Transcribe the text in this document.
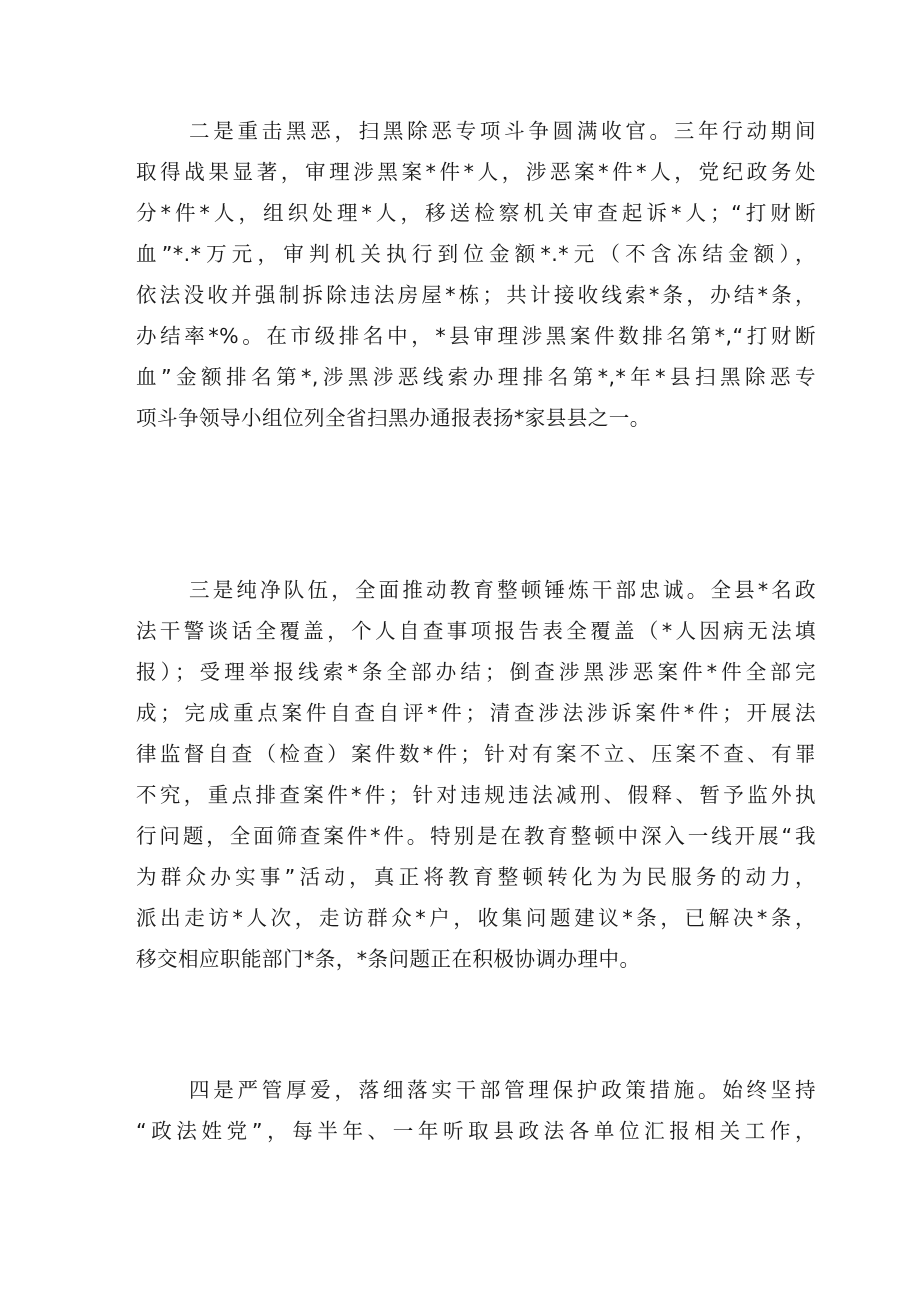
二是重击黑恶，扫黑除恶专项斗争圆满收官。三年行动期间
取得战果显著，审理涉黑案*件*人，涉恶案*件*人，党纪政务处
分*件*人，组织处理*人，移送检察机关审查起诉*人；“打财断
血”*.*万元，审判机关执行到位金额*.*元（不含冻结金额），
依法没收并强制拆除违法房屋*栋；共计接收线索*条，办结*条，
办结率*%。在市级排名中，*县审理涉黑案件数排名第*,“打财断
血”金额排名第*,涉黑涉恶线索办理排名第*,*年*县扫黑除恶专
项斗争领导小组位列全省扫黑办通报表扬*家县县之一。
三是纯净队伍，全面推动教育整顿锤炼干部忠诚。全县*名政
法干警谈话全覆盖，个人自查事项报告表全覆盖（*人因病无法填
报）；受理举报线索*条全部办结；倒查涉黑涉恶案件*件全部完
成；完成重点案件自查自评*件；清查涉法涉诉案件*件；开展法
律监督自查（检查）案件数*件；针对有案不立、压案不查、有罪
不究，重点排查案件*件；针对违规违法减刑、假释、暂予监外执
行问题，全面筛查案件*件。特别是在教育整顿中深入一线开展“我
为群众办实事”活动，真正将教育整顿转化为为民服务的动力，
派出走访*人次，走访群众*户，收集问题建议*条，已解决*条，
移交相应职能部门*条，*条问题正在积极协调办理中。
四是严管厚爱，落细落实干部管理保护政策措施。始终坚持
“政法姓党”，每半年、一年听取县政法各单位汇报相关工作，
